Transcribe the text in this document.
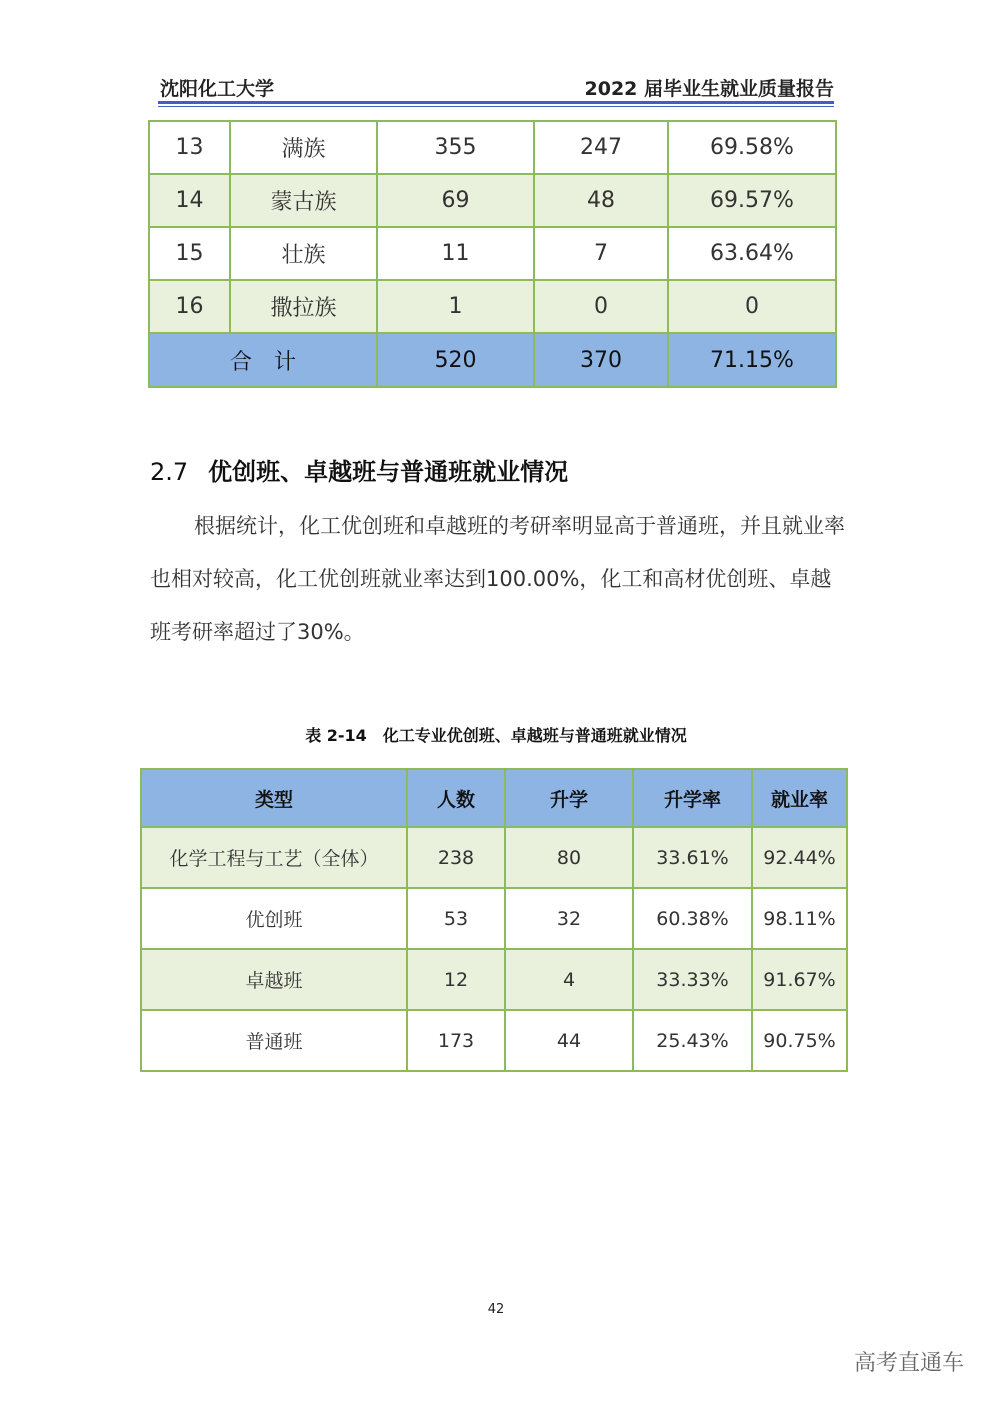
沈阳化工大学	2022 届毕业生就业质量报告
13	满族	355	247	69.58%
14	蒙古族	69	48	69.57%
15	壮族	11	7	63.64%
16	撒拉族	1	0	0
合　计		520	370	71.15%
2.7 优创班、卓越班与普通班就业情况
根据统计，化工优创班和卓越班的考研率明显高于普通班，并且就业率也相对较高，化工优创班就业率达到100.00%，化工和高材优创班、卓越班考研率超过了30%。
表 2-14　化工专业优创班、卓越班与普通班就业情况
类型	人数	升学	升学率	就业率
化学工程与工艺（全体）	238	80	33.61%	92.44%
优创班	53	32	60.38%	98.11%
卓越班	12	4	33.33%	91.67%
普通班	173	44	25.43%	90.75%
42
高考直通车
